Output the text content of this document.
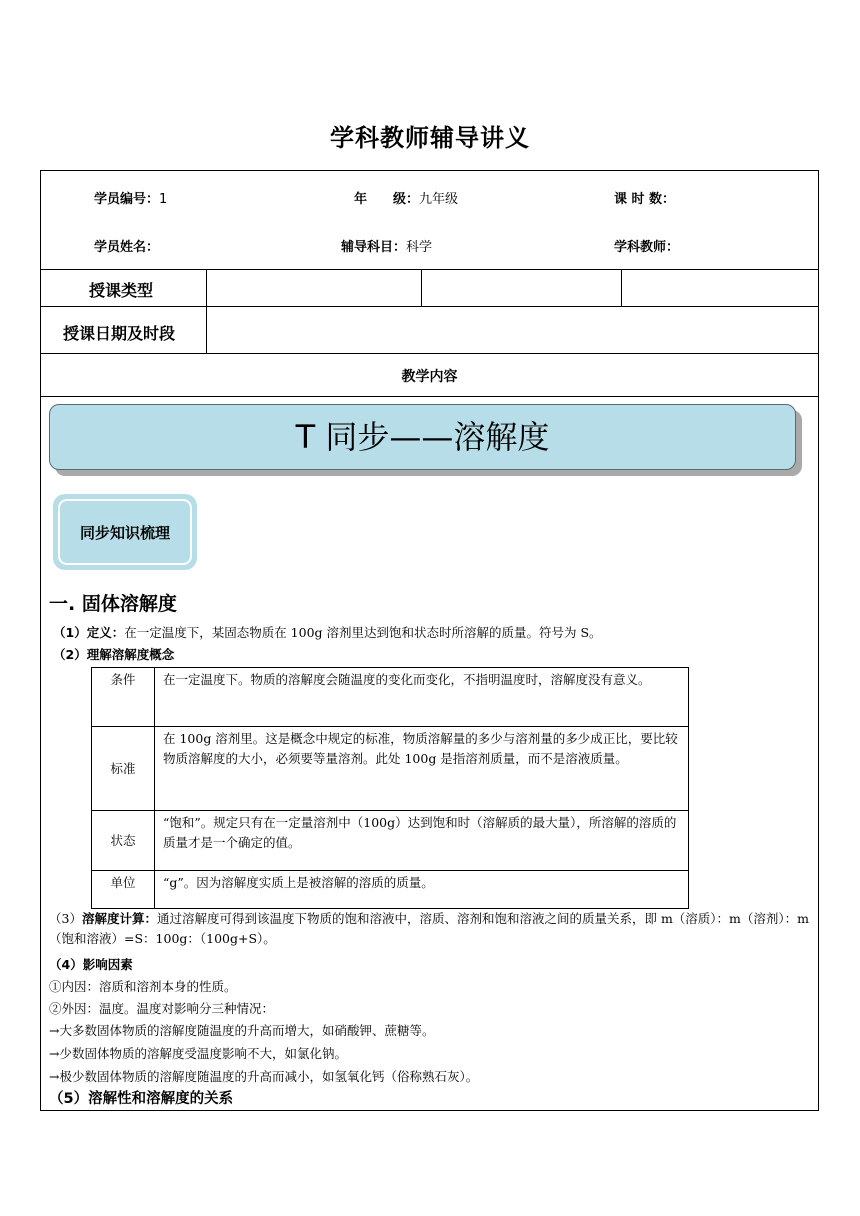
学科教师辅导讲义
学员编号：1	年　　级：九年级	课 时 数：
学员姓名：	辅导科目：科学	学科教师：
授课类型
授课日期及时段
教学内容
T 同步——溶解度
同步知识梳理
一. 固体溶解度
（1）定义：在一定温度下，某固态物质在 100g 溶剂里达到饱和状态时所溶解的质量。符号为 S。
（2）理解溶解度概念
条件	在一定温度下。物质的溶解度会随温度的变化而变化，不指明温度时，溶解度没有意义。
标准	在 100g 溶剂里。这是概念中规定的标准，物质溶解量的多少与溶剂量的多少成正比，要比较物质溶解度的大小，必须要等量溶剂。此处 100g 是指溶剂质量，而不是溶液质量。
状态	“饱和”。规定只有在一定量溶剂中（100g）达到饱和时（溶解质的最大量），所溶解的溶质的质量才是一个确定的值。
单位	“g”。因为溶解度实质上是被溶解的溶质的质量。
（3）溶解度计算：通过溶解度可得到该温度下物质的饱和溶液中，溶质、溶剂和饱和溶液之间的质量关系，即 m（溶质）：m（溶剂）：m（饱和溶液）=S：100g：（100g+S）。
（4）影响因素
①内因：溶质和溶剂本身的性质。
②外因：温度。温度对影响分三种情况：
→大多数固体物质的溶解度随温度的升高而增大，如硝酸钾、蔗糖等。
→少数固体物质的溶解度受温度影响不大，如氯化钠。
→极少数固体物质的溶解度随温度的升高而减小，如氢氧化钙（俗称熟石灰）。
（5）溶解性和溶解度的关系
